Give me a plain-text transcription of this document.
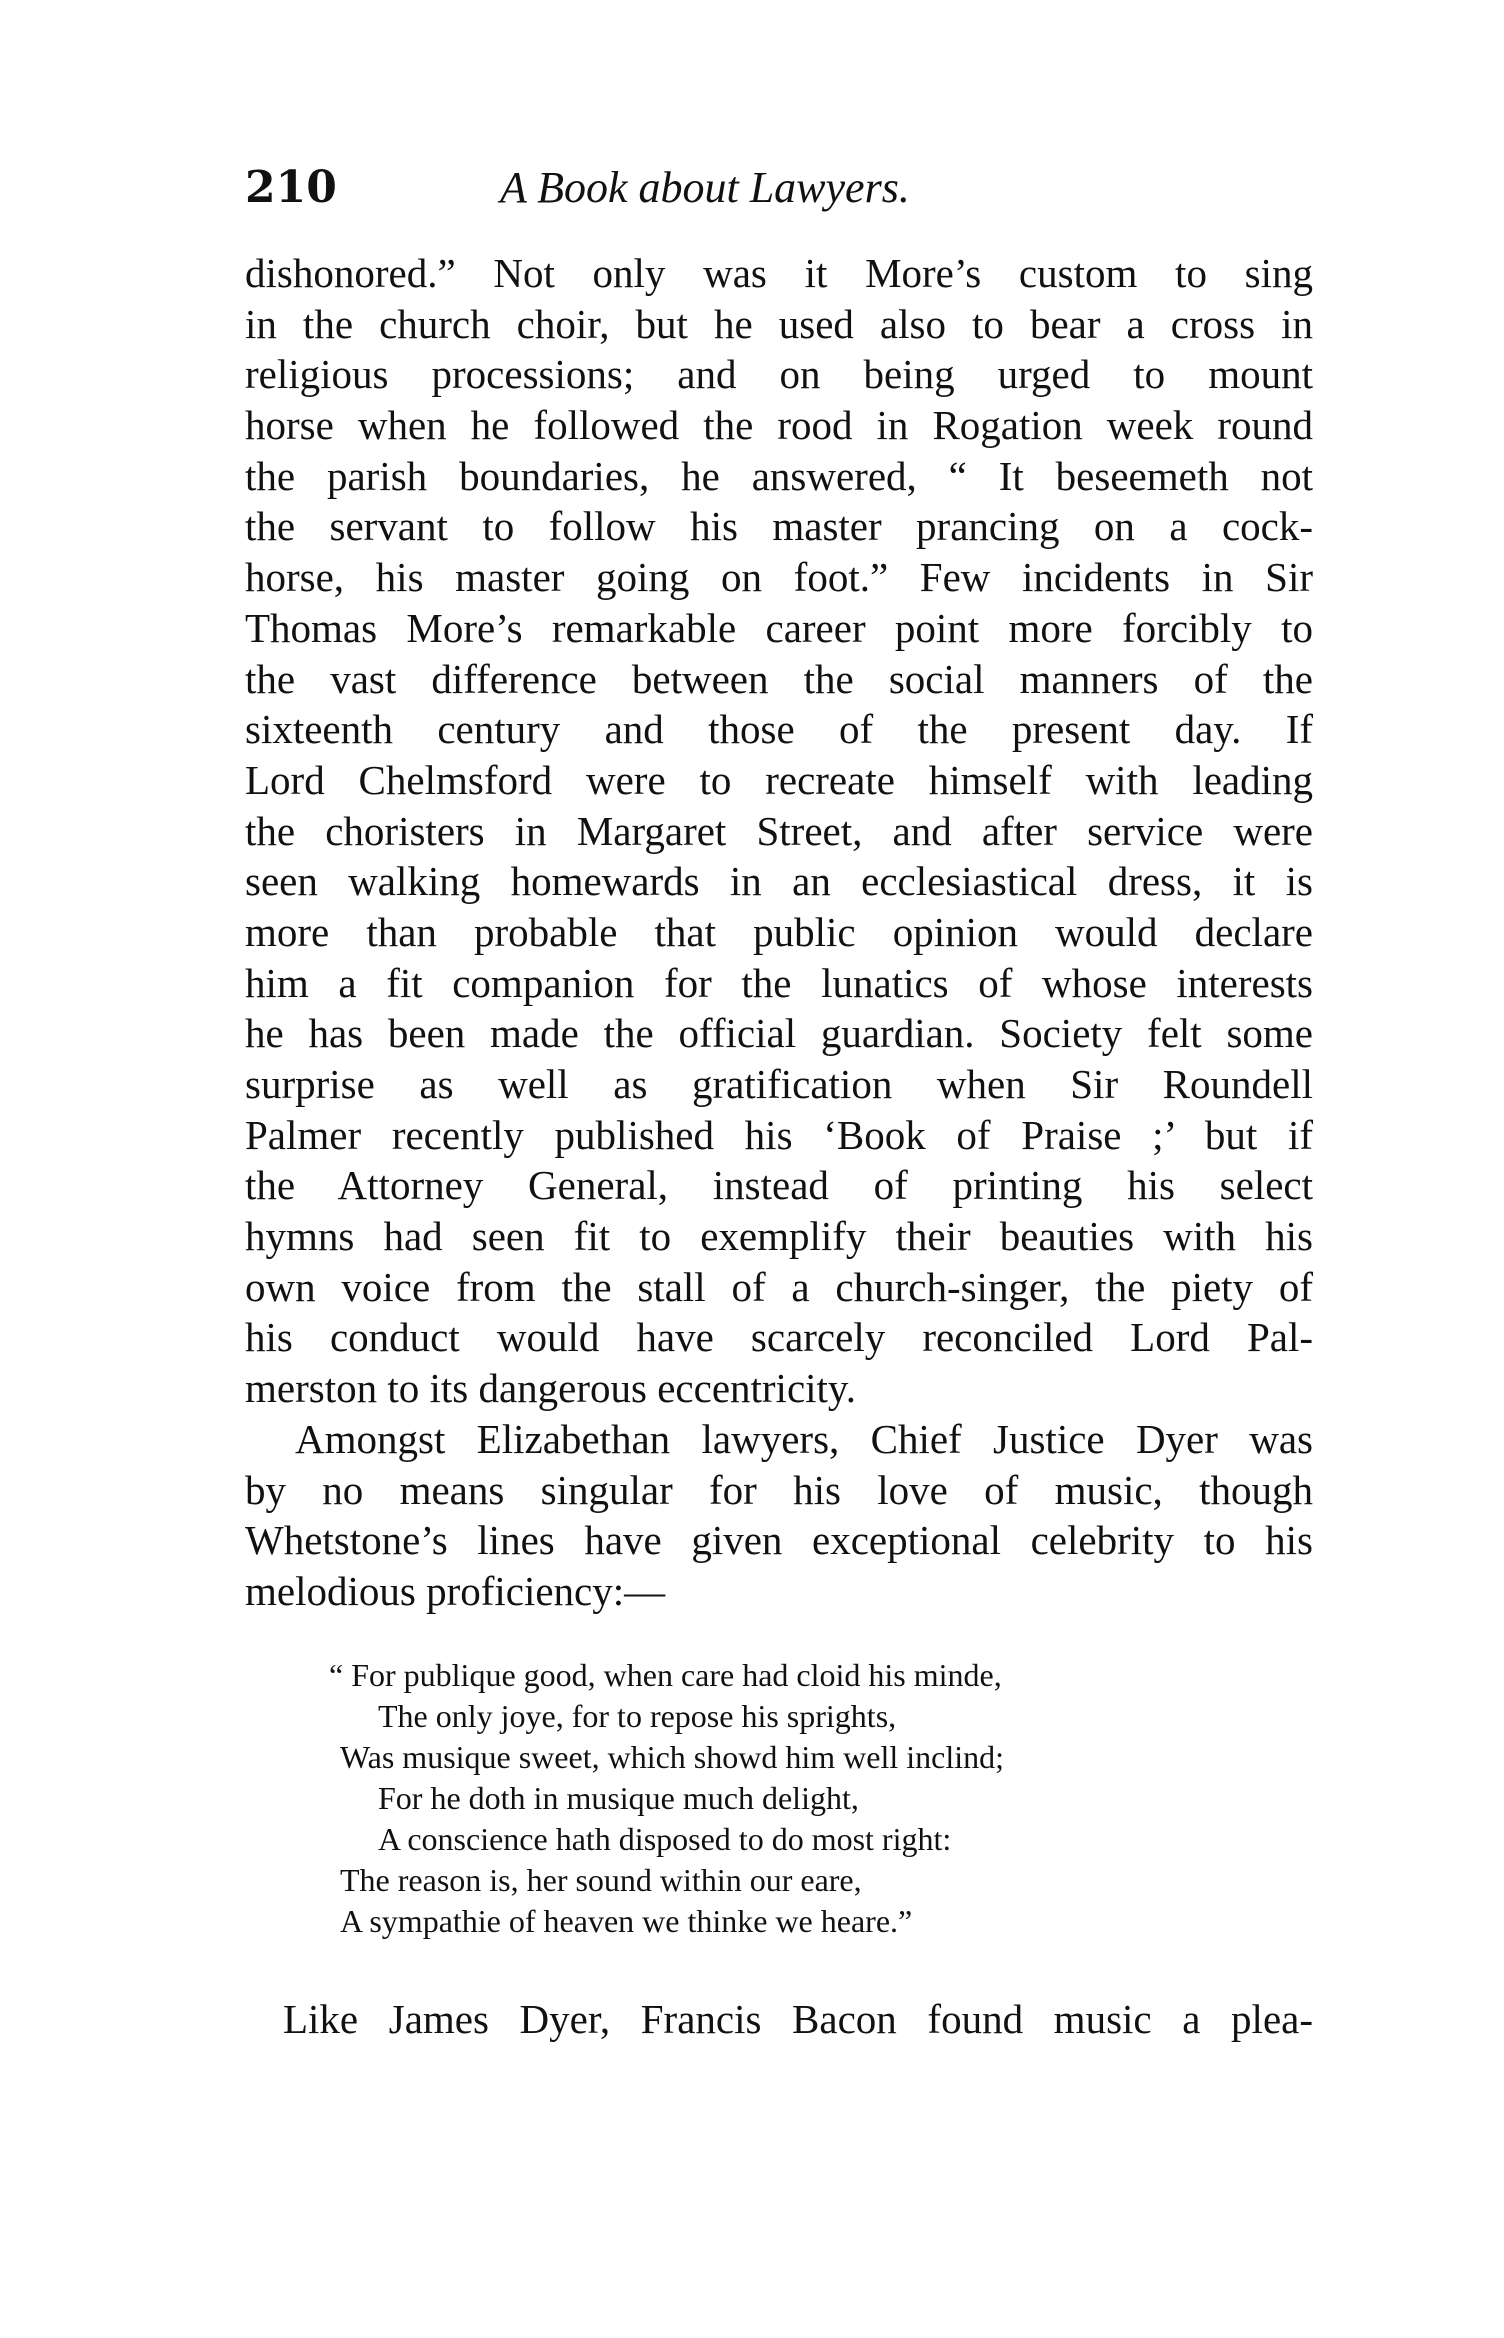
210	A Book about Lawyers.
dishonored.” Not only was it More’s custom to sing
in the church choir, but he used also to bear a cross in
religious processions; and on being urged to mount
horse when he followed the rood in Rogation week round
the parish boundaries, he answered, “ It beseemeth not
the servant to follow his master prancing on a cock-
horse, his master going on foot.” Few incidents in Sir
Thomas More’s remarkable career point more forcibly to
the vast difference between the social manners of the
sixteenth century and those of the present day. If
Lord Chelmsford were to recreate himself with leading
the choristers in Margaret Street, and after service were
seen walking homewards in an ecclesiastical dress, it is
more than probable that public opinion would declare
him a fit companion for the lunatics of whose interests
he has been made the official guardian. Society felt some
surprise as well as gratification when Sir Roundell
Palmer recently published his ‘Book of Praise ;’ but if
the Attorney General, instead of printing his select
hymns had seen fit to exemplify their beauties with his
own voice from the stall of a church-singer, the piety of
his conduct would have scarcely reconciled Lord Pal-
merston to its dangerous eccentricity.
Amongst Elizabethan lawyers, Chief Justice Dyer was
by no means singular for his love of music, though
Whetstone’s lines have given exceptional celebrity to his
melodious proficiency:—
“ For publique good, when care had cloid his minde,
The only joye, for to repose his sprights,
Was musique sweet, which showd him well inclind;
For he doth in musique much delight,
A conscience hath disposed to do most right:
The reason is, her sound within our eare,
A sympathie of heaven we thinke we heare.”
Like James Dyer, Francis Bacon found music a plea-
